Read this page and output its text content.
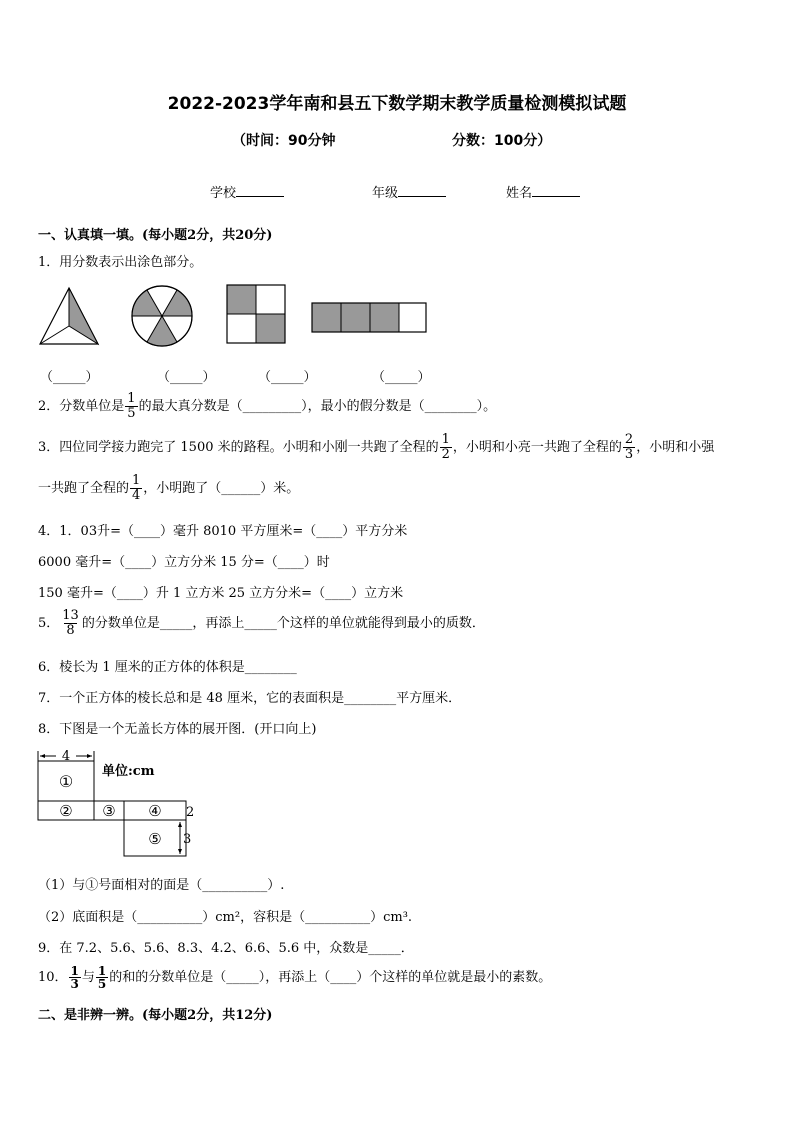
2022-2023学年南和县五下数学期末教学质量检测模拟试题
（时间：90分钟	分数：100分）
学校	年级	姓名
一、认真填一填。(每小题2分，共20分)
1．用分数表示出涂色部分。
（_____）	（_____）	（_____）	（_____）
2．分数单位是 $\frac{1}{5}$ 的最大真分数是（_________），最小的假分数是（________）。
3．四位同学接力跑完了 1500 米的路程。小明和小刚一共跑了全程的 $\frac{1}{2}$ ，小明和小亮一共跑了全程的 $\frac{2}{3}$ ，小明和小强
一共跑了全程的 $\frac{1}{4}$ ，小明跑了（______）米。
4．1．03升=（____）毫升 8010 平方厘米=（____）平方分米
6000 毫升=（____）立方分米 15 分=（____）时
150 毫升=（____）升 1 立方米 25 立方分米=（____）立方米
5． $\frac{13}{8}$ 的分数单位是_____，再添上_____个这样的单位就能得到最小的质数．
6．棱长为 1 厘米的正方体的体积是________
7．一个正方体的棱长总和是 48 厘米，它的表面积是________平方厘米．
8．下图是一个无盖长方体的展开图．(开口向上)
4
①
② ③ ④
⑤
2
3
单位:cm
（1）与①号面相对的面是（__________）.
（2）底面积是（__________）cm²，容积是（__________）cm³.
9．在 7.2、5.6、5.6、8.3、4.2、6.6、5.6 中，众数是_____．
10． $\frac{1}{3}$ 与 $\frac{1}{5}$ 的和的分数单位是（_____），再添上（____）个这样的单位就是最小的素数。
二、是非辨一辨。(每小题2分，共12分)
